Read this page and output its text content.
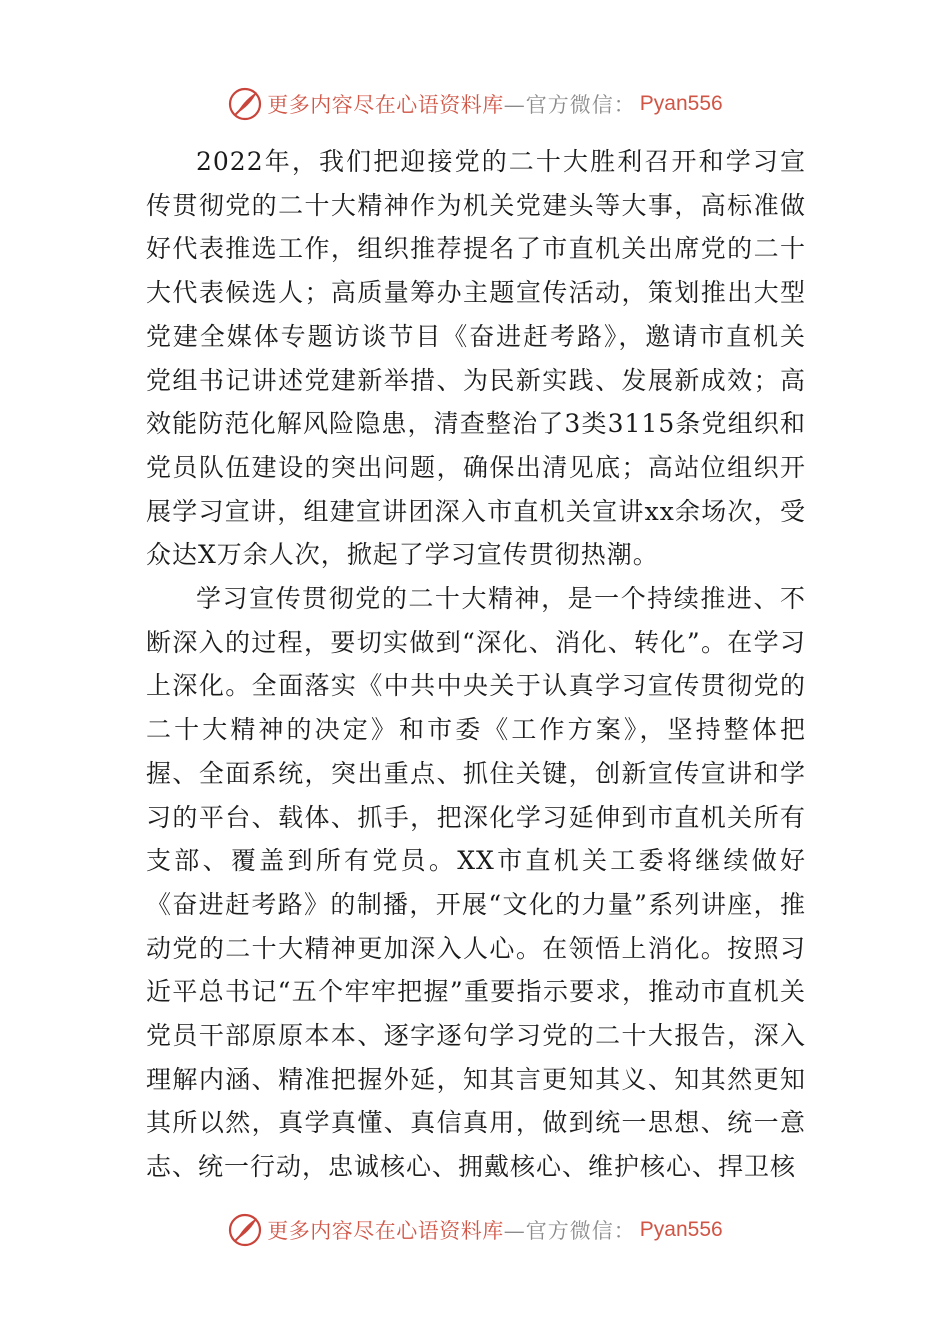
更多内容尽在心语资料库 —官方微信： Pyan556

2022年，我们把迎接党的二十大胜利召开和学习宣传贯彻党的二十大精神作为机关党建头等大事，高标准做好代表推选工作，组织推荐提名了市直机关出席党的二十大代表候选人；高质量筹办主题宣传活动，策划推出大型党建全媒体专题访谈节目《奋进赶考路》，邀请市直机关党组书记讲述党建新举措、为民新实践、发展新成效；高效能防范化解风险隐患，清查整治了3类3115条党组织和党员队伍建设的突出问题，确保出清见底；高站位组织开展学习宣讲，组建宣讲团深入市直机关宣讲xx余场次，受众达X万余人次，掀起了学习宣传贯彻热潮。

学习宣传贯彻党的二十大精神，是一个持续推进、不断深入的过程，要切实做到“深化、消化、转化”。在学习上深化。全面落实《中共中央关于认真学习宣传贯彻党的二十大精神的决定》和市委《工作方案》，坚持整体把握、全面系统，突出重点、抓住关键，创新宣传宣讲和学习的平台、载体、抓手，把深化学习延伸到市直机关所有支部、覆盖到所有党员。XX市直机关工委将继续做好《奋进赶考路》的制播，开展“文化的力量”系列讲座，推动党的二十大精神更加深入人心。在领悟上消化。按照习近平总书记“五个牢牢把握”重要指示要求，推动市直机关党员干部原原本本、逐字逐句学习党的二十大报告，深入理解内涵、精准把握外延，知其言更知其义、知其然更知其所以然，真学真懂、真信真用，做到统一思想、统一意志、统一行动，忠诚核心、拥戴核心、维护核心、捍卫核

更多内容尽在心语资料库 —官方微信： Pyan556
